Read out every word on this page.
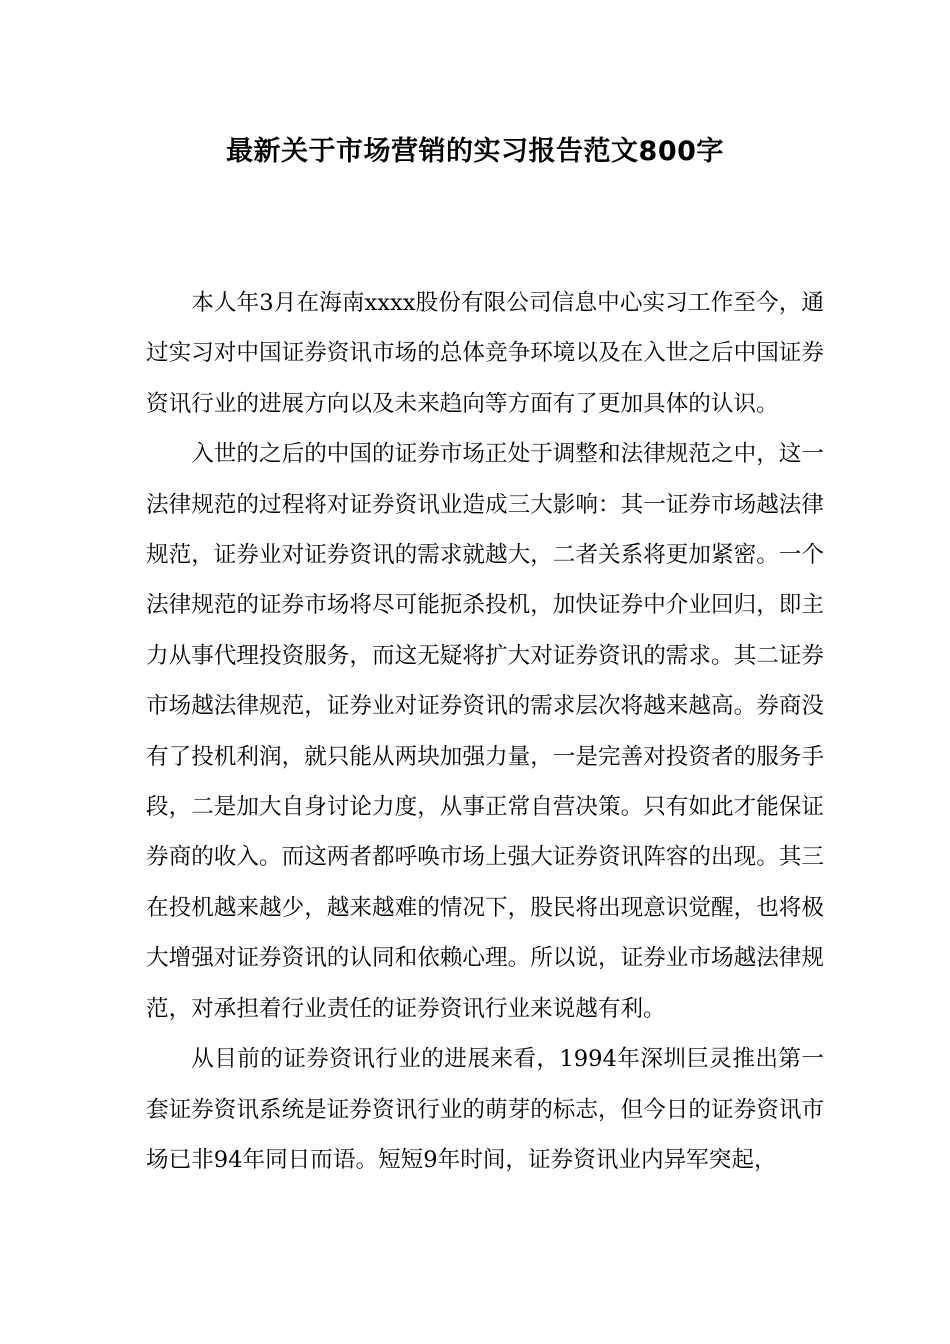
最新关于市场营销的实习报告范文800字

本人年3月在海南xxxx股份有限公司信息中心实习工作至今，通过实习对中国证券资讯市场的总体竞争环境以及在入世之后中国证券资讯行业的进展方向以及未来趋向等方面有了更加具体的认识。

入世的之后的中国的证券市场正处于调整和法律规范之中，这一法律规范的过程将对证券资讯业造成三大影响：其一证券市场越法律规范，证券业对证券资讯的需求就越大，二者关系将更加紧密。一个法律规范的证券市场将尽可能扼杀投机，加快证券中介业回归，即主力从事代理投资服务，而这无疑将扩大对证券资讯的需求。其二证券市场越法律规范，证券业对证券资讯的需求层次将越来越高。券商没有了投机利润，就只能从两块加强力量，一是完善对投资者的服务手段，二是加大自身讨论力度，从事正常自营决策。只有如此才能保证券商的收入。而这两者都呼唤市场上强大证券资讯阵容的出现。其三在投机越来越少，越来越难的情况下，股民将出现意识觉醒，也将极大增强对证券资讯的认同和依赖心理。所以说，证券业市场越法律规范，对承担着行业责任的证券资讯行业来说越有利。

从目前的证券资讯行业的进展来看，1994年深圳巨灵推出第一套证券资讯系统是证券资讯行业的萌芽的标志，但今日的证券资讯市场已非94年同日而语。短短9年时间，证券资讯业内异军突起，
